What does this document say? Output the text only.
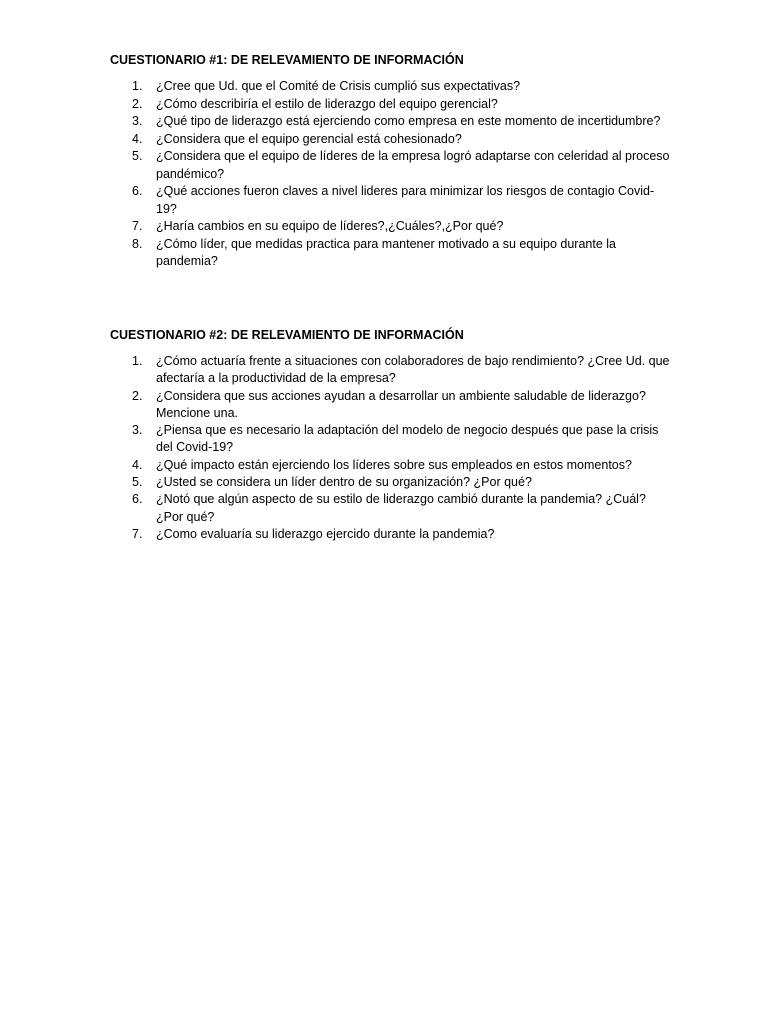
CUESTIONARIO #1: DE RELEVAMIENTO DE INFORMACIÓN
1. ¿Cree que Ud. que el Comité de Crisis cumplió sus expectativas?
2. ¿Cómo describiría el estilo de liderazgo del equipo gerencial?
3. ¿Qué tipo de liderazgo está ejerciendo como empresa en este momento de incertidumbre?
4. ¿Considera que el equipo gerencial está cohesionado?
5. ¿Considera que el equipo de líderes de la empresa logró adaptarse con celeridad al proceso pandémico?
6. ¿Qué acciones fueron claves a nivel lideres para minimizar los riesgos de contagio Covid-19?
7. ¿Haría cambios en su equipo de líderes?,¿Cuáles?,¿Por qué?
8. ¿Cómo líder, que medidas practica para mantener motivado a su equipo durante la pandemia?
CUESTIONARIO #2: DE RELEVAMIENTO DE INFORMACIÓN
1. ¿Cómo actuaría frente a situaciones con colaboradores de bajo rendimiento? ¿Cree Ud. que afectaría a la productividad de la empresa?
2. ¿Considera que sus acciones ayudan a desarrollar un ambiente saludable de liderazgo? Mencione una.
3. ¿Piensa que es necesario la adaptación del modelo de negocio después que pase la crisis del Covid-19?
4. ¿Qué impacto están ejerciendo los líderes sobre sus empleados en estos momentos?
5. ¿Usted se considera un líder dentro de su organización? ¿Por qué?
6. ¿Notó que algún aspecto de su estilo de liderazgo cambió durante la pandemia? ¿Cuál? ¿Por qué?
7. ¿Como evaluaría su liderazgo ejercido durante la pandemia?
